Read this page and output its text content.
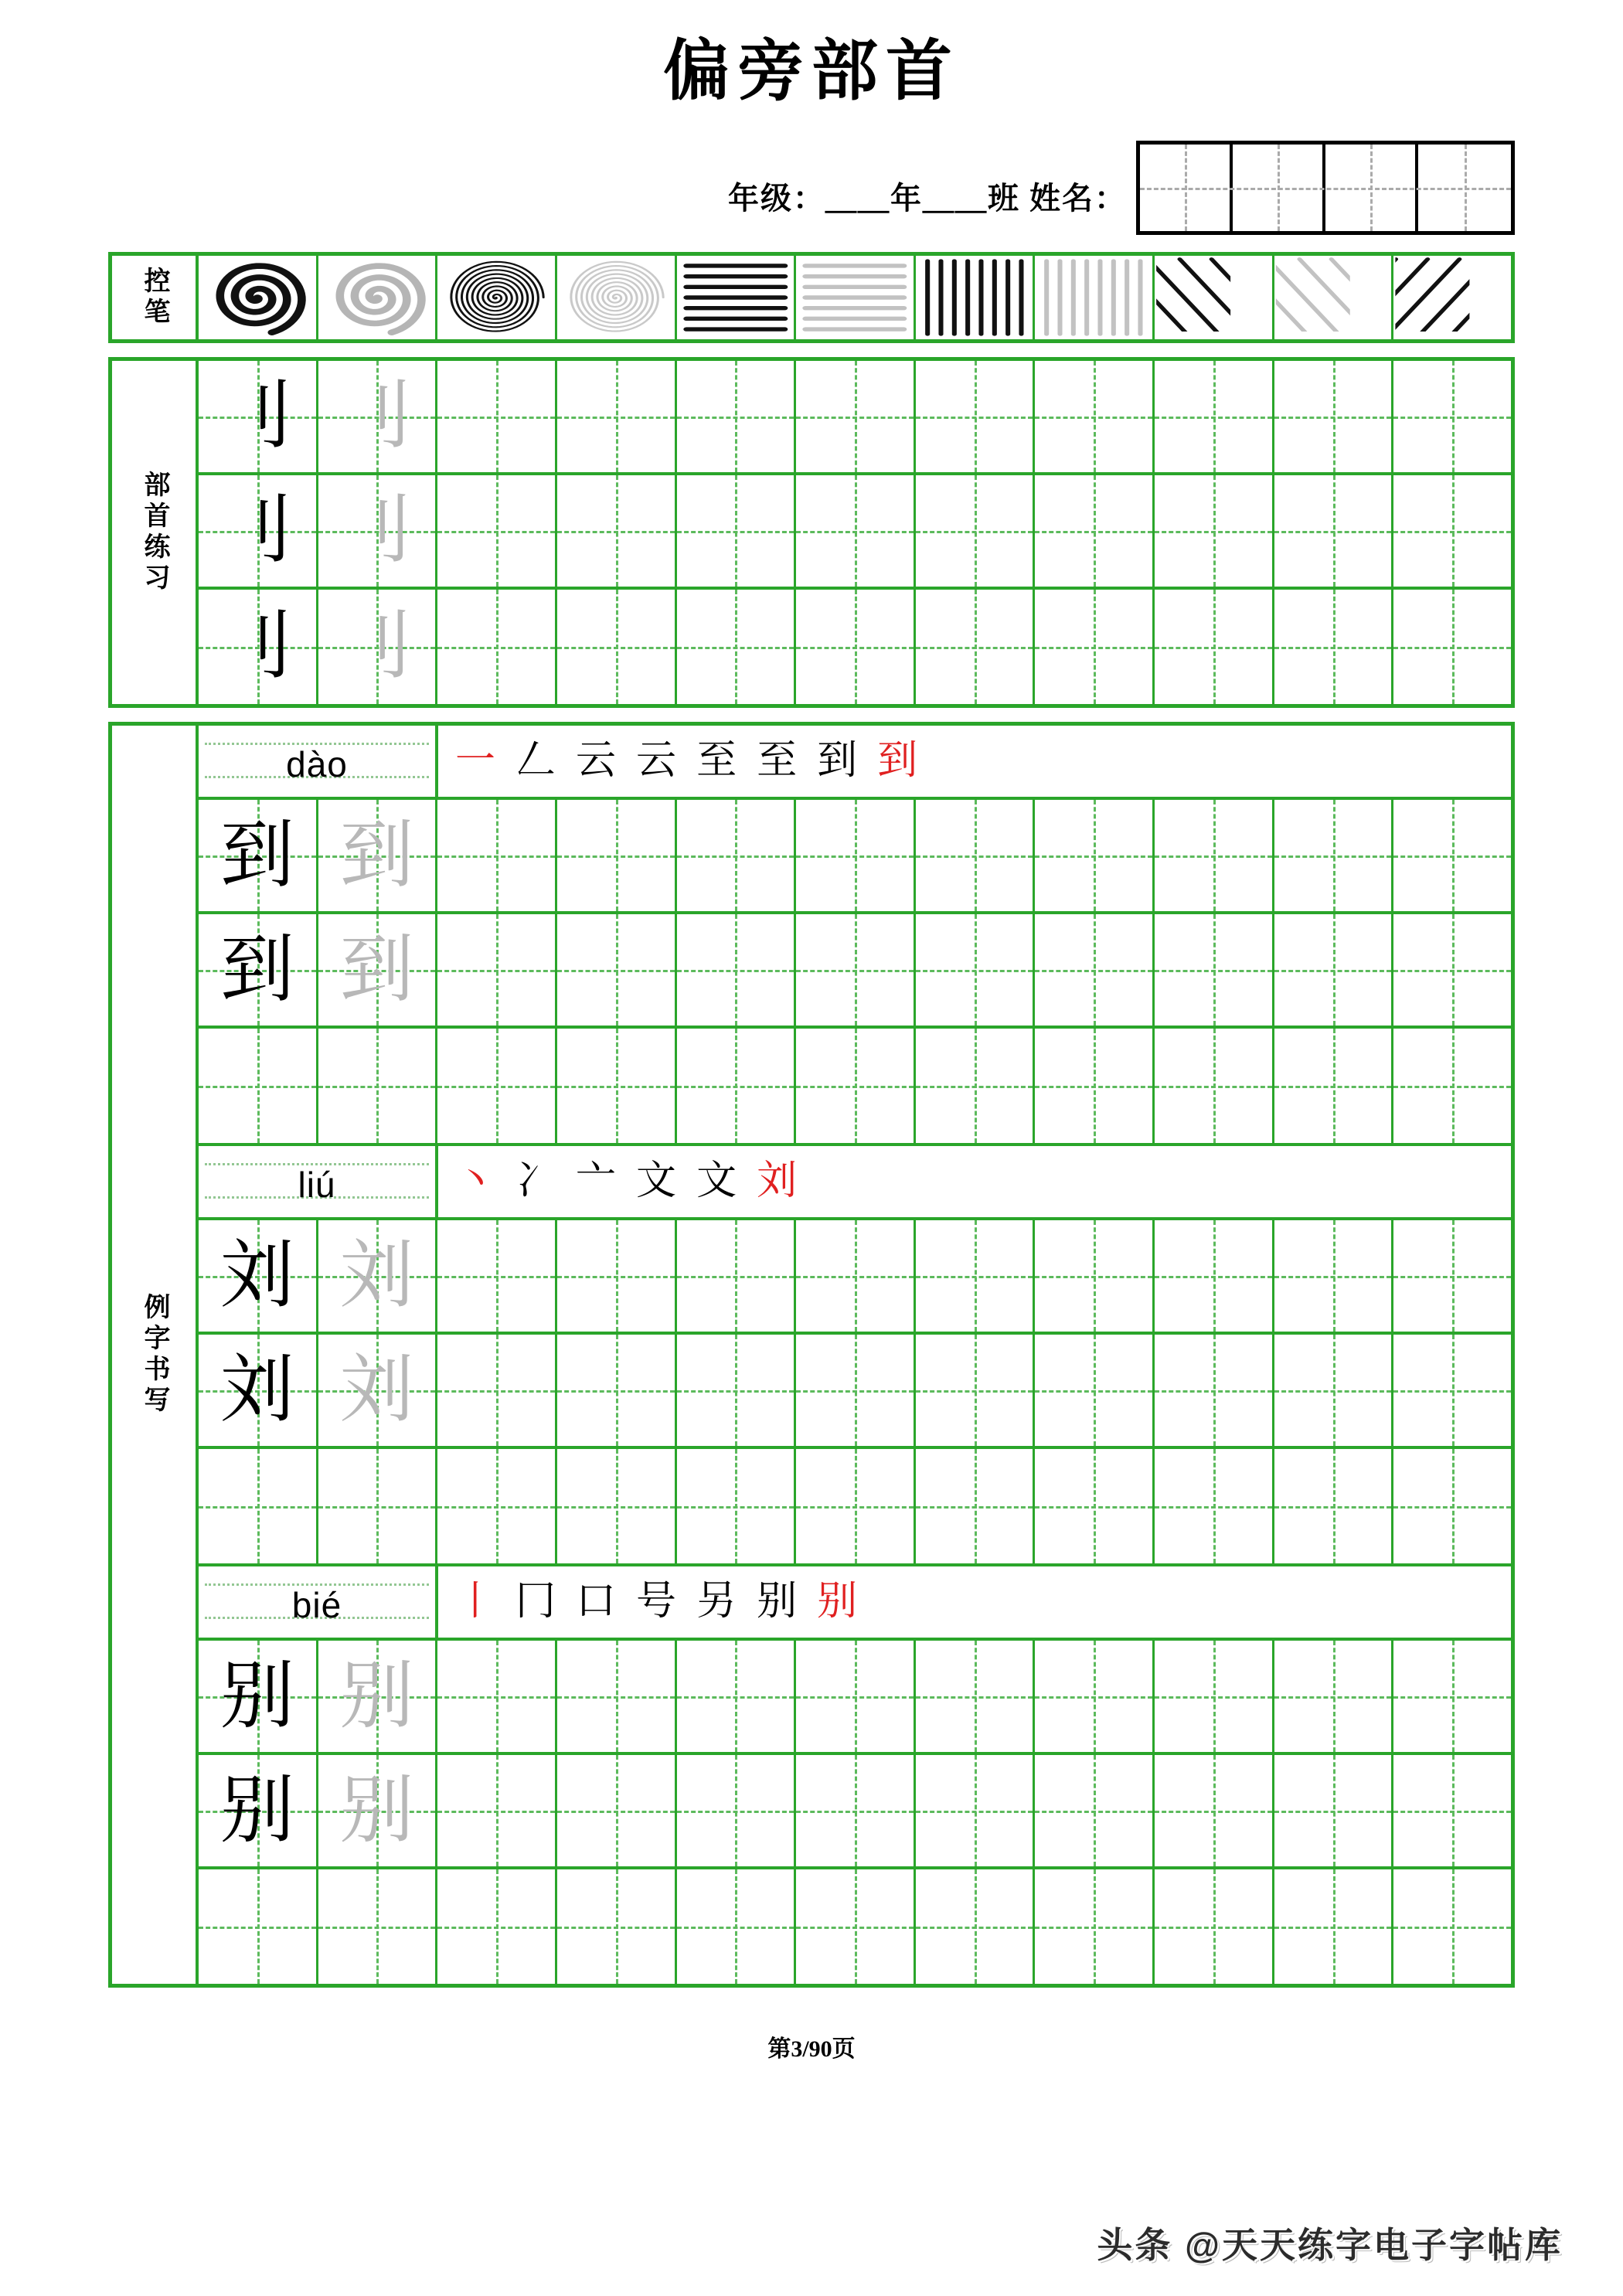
偏旁部首
年级：＿＿年＿＿班 姓名：
控笔
部首练习
刂 刂
刂 刂
刂 刂
例字书写
dào	一 𠃋 云 云 至 至 到 到
到 到
到 到
liú	丶 冫 亠 文 文 刘
刘 刘
刘 刘
bié	丨 冂 口 号 另 别 别
别 别
别 别
第3/90页
头条 @天天练字电子字帖库
